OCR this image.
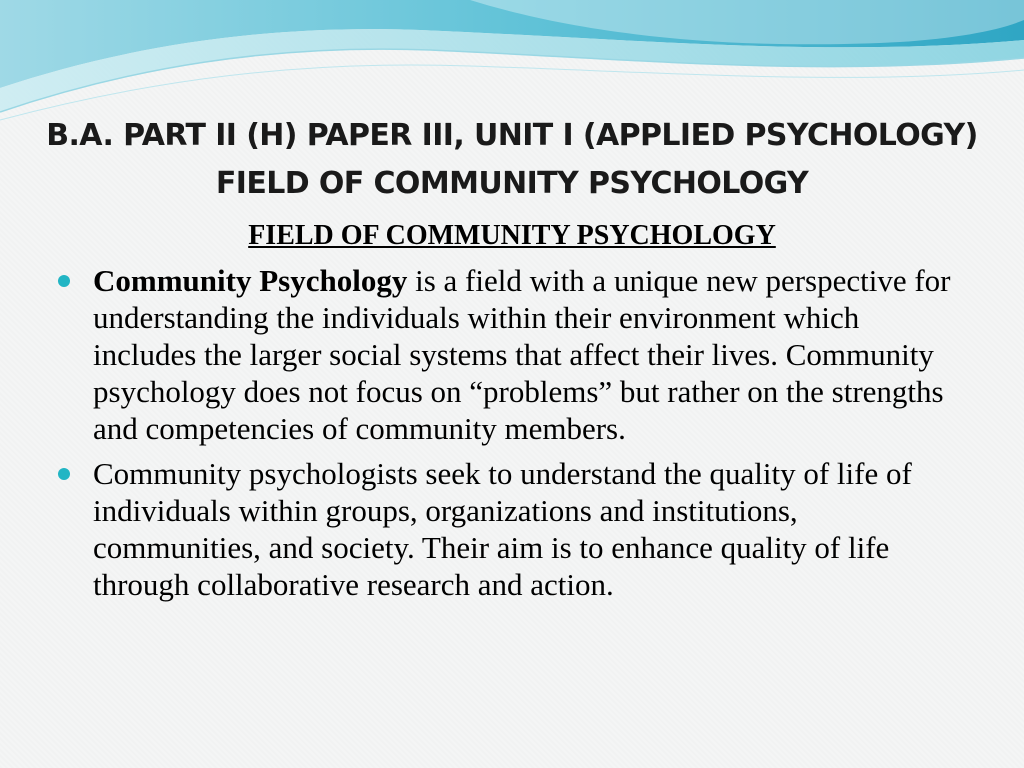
B.A. PART II (H) PAPER III, UNIT I (APPLIED PSYCHOLOGY) FIELD OF COMMUNITY PSYCHOLOGY
FIELD OF COMMUNITY PSYCHOLOGY
Community Psychology is a field with a unique new perspective for understanding the individuals within their environment which includes the larger social systems that affect their lives. Community psychology does not focus on “problems” but rather on the strengths and competencies of community members.
Community psychologists seek to understand the quality of life of individuals within groups, organizations and institutions, communities, and society. Their aim is to enhance quality of life through collaborative research and action.
